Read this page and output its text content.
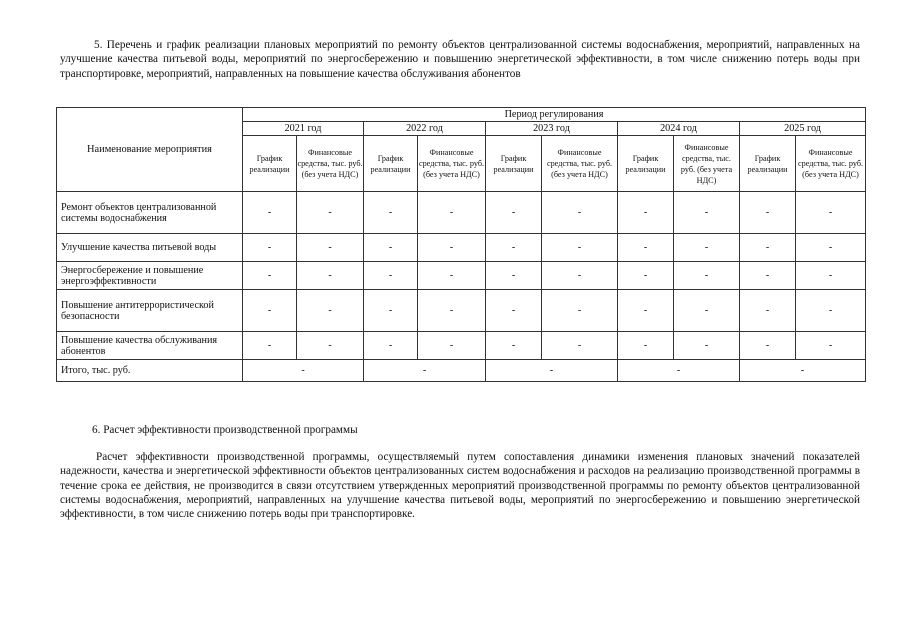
5. Перечень и график реализации плановых мероприятий по ремонту объектов централизованной системы водоснабжения, мероприятий, направленных на улучшение качества питьевой воды, мероприятий по энергосбережению и повышению энергетической эффективности, в том числе снижению потерь воды при транспортировке, мероприятий, направленных на повышение качества обслуживания абонентов
Наименование мероприятия	Период регулирования									
	2021 год		2022 год		2023 год		2024 год		2025 год	
	График реализации	Финансовые средства, тыс. руб. (без учета НДС)	График реализации	Финансовые средства, тыс. руб. (без учета НДС)	График реализации	Финансовые средства, тыс. руб. (без учета НДС)	График реализации	Финансовые средства, тыс. руб. (без учета НДС)	График реализации	Финансовые средства, тыс. руб. (без учета НДС)
Ремонт объектов централизованной системы водоснабжения	-	-	-	-	-	-	-	-	-	-
Улучшение качества питьевой воды	-	-	-	-	-	-	-	-	-	-
Энергосбережение и повышение энергоэффективности	-	-	-	-	-	-	-	-	-	-
Повышение антитеррористической безопасности	-	-	-	-	-	-	-	-	-	-
Повышение качества обслуживания абонентов	-	-	-	-	-	-	-	-	-	-
Итого, тыс. руб.	-		-		-		-		-	
6. Расчет эффективности производственной программы
Расчет эффективности производственной программы, осуществляемый путем сопоставления динамики изменения плановых значений показателей надежности, качества и энергетической эффективности объектов централизованных систем водоснабжения и расходов на реализацию производственной программы в течение срока ее действия, не производится в связи отсутствием утвержденных мероприятий производственной программы по ремонту объектов централизованной системы водоснабжения, мероприятий, направленных на улучшение качества питьевой воды, мероприятий по энергосбережению и повышению энергетической эффективности, в том числе снижению потерь воды при транспортировке.
